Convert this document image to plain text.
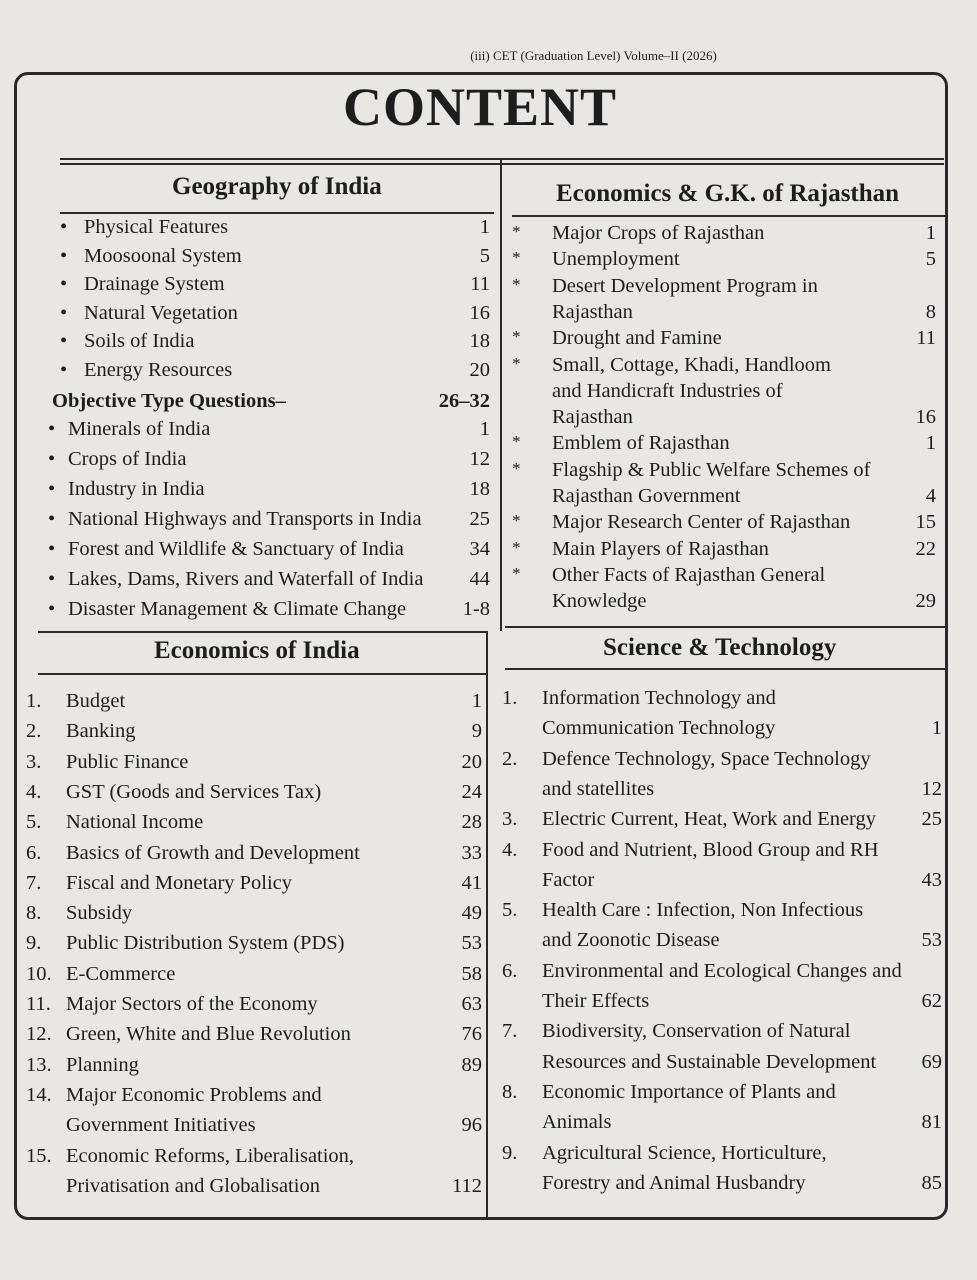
(iii) CET (Graduation Level) Volume–II (2026)
CONTENT
Geography of India	Economics & G.K. of Rajasthan
Economics of India	Science & Technology
• Physical Features	1
• Moosoonal System	5
• Drainage System	11
• Natural Vegetation	16
• Soils of India	18
• Energy Resources	20
Objective Type Questions–	26–32
• Minerals of India	1
• Crops of India	12
• Industry in India	18
• National Highways and Transports in India	25
• Forest and Wildlife & Sanctuary of India	34
• Lakes, Dams, Rivers and Waterfall of India	44
• Disaster Management & Climate Change	1-8
* Major Crops of Rajasthan	1
* Unemployment	5
* Desert Development Program in
Rajasthan	8
* Drought and Famine	11
* Small, Cottage, Khadi, Handloom
and Handicraft Industries of
Rajasthan	16
* Emblem of Rajasthan	1
* Flagship & Public Welfare Schemes of
Rajasthan Government	4
* Major Research Center of Rajasthan	15
* Main Players of Rajasthan	22
* Other Facts of Rajasthan General
Knowledge	29
1. Budget	1
2. Banking	9
3. Public Finance	20
4. GST (Goods and Services Tax)	24
5. National Income	28
6. Basics of Growth and Development	33
7. Fiscal and Monetary Policy	41
8. Subsidy	49
9. Public Distribution System (PDS)	53
10. E-Commerce	58
11. Major Sectors of the Economy	63
12. Green, White and Blue Revolution	76
13. Planning	89
14. Major Economic Problems and
Government Initiatives	96
15. Economic Reforms, Liberalisation,
Privatisation and Globalisation	112
1. Information Technology and
Communication Technology	1
2. Defence Technology, Space Technology
and statellites	12
3. Electric Current, Heat, Work and Energy	25
4. Food and Nutrient, Blood Group and RH
Factor	43
5. Health Care : Infection, Non Infectious
and Zoonotic Disease	53
6. Environmental and Ecological Changes and
Their Effects	62
7. Biodiversity, Conservation of Natural
Resources and Sustainable Development	69
8. Economic Importance of Plants and
Animals	81
9. Agricultural Science, Horticulture,
Forestry and Animal Husbandry	85
